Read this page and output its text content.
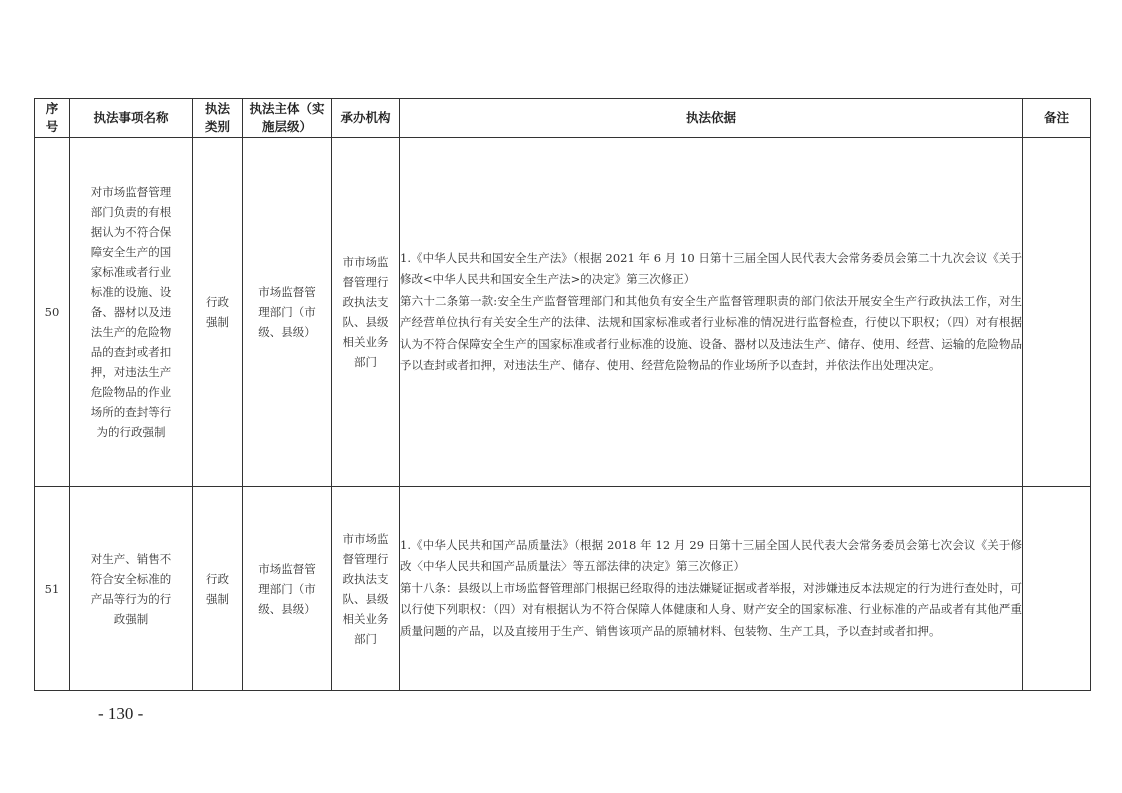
序号	执法事项名称	执法类别	执法主体（实施层级）	承办机构	执法依据	备注
50	对市场监督管理部门负责的有根据认为不符合保障安全生产的国家标准或者行业标准的设施、设备、器材以及违法生产的危险物品的查封或者扣押，对违法生产危险物品的作业场所的查封等行为的行政强制	行政强制	市场监督管理部门（市级、县级）	市市场监督管理行政执法支队、县级相关业务部门	1.《中华人民共和国安全生产法》（根据 2021 年 6 月 10 日第十三届全国人民代表大会常务委员会第二十九次会议《关于修改<中华人民共和国安全生产法>的决定》第三次修正）
第六十二条第一款:安全生产监督管理部门和其他负有安全生产监督管理职责的部门依法开展安全生产行政执法工作，对生产经营单位执行有关安全生产的法律、法规和国家标准或者行业标准的情况进行监督检查，行使以下职权；（四）对有根据认为不符合保障安全生产的国家标准或者行业标准的设施、设备、器材以及违法生产、储存、使用、经营、运输的危险物品予以查封或者扣押，对违法生产、储存、使用、经营危险物品的作业场所予以查封，并依法作出处理决定。	

51	对生产、销售不符合安全标准的产品等行为的行政强制	行政强制	市场监督管理部门（市级、县级）	市市场监督管理行政执法支队、县级相关业务部门	1.《中华人民共和国产品质量法》（根据 2018 年 12 月 29 日第十三届全国人民代表大会常务委员会第七次会议《关于修改〈中华人民共和国产品质量法〉等五部法律的决定》第三次修正）
第十八条：县级以上市场监督管理部门根据已经取得的违法嫌疑证据或者举报，对涉嫌违反本法规定的行为进行查处时，可以行使下列职权：（四）对有根据认为不符合保障人体健康和人身、财产安全的国家标准、行业标准的产品或者有其他严重质量问题的产品，以及直接用于生产、销售该项产品的原辅材料、包装物、生产工具，予以查封或者扣押。	

- 130 -
